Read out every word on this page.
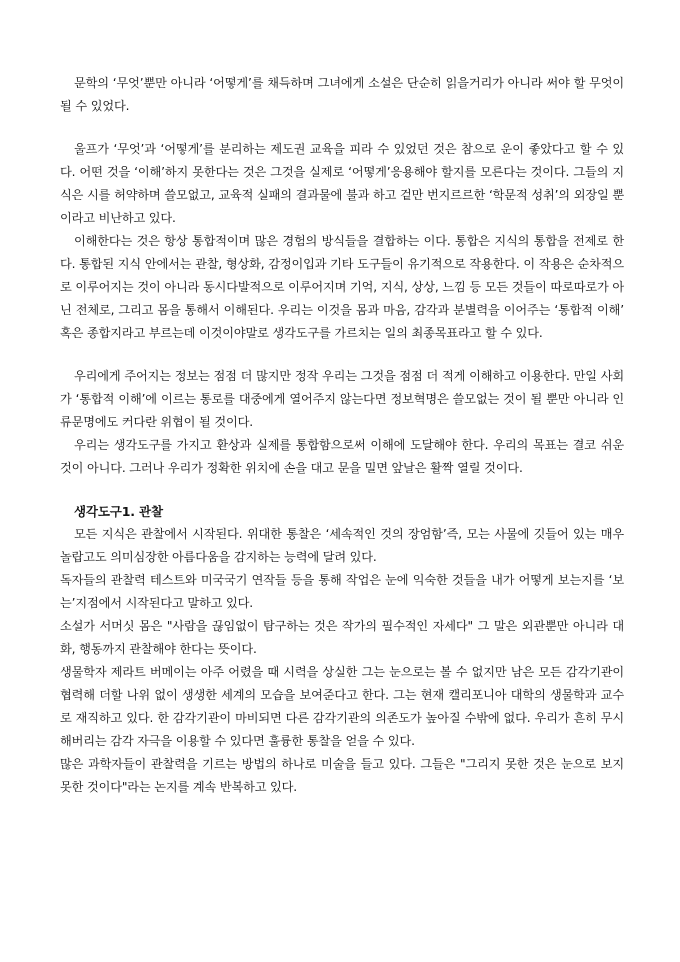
문학의 ‘무엇’뿐만 아니라 ‘어떻게’를 채득하며 그녀에게 소설은 단순히 읽을거리가 아니라 써야 할 무엇이 될 수 있었다.

울프가 ‘무엇’과 ‘어떻게’를 분리하는 제도권 교육을 피라 수 있었던 것은 참으로 운이 좋았다고 할 수 있다. 어떤 것을 ‘이해’하지 못한다는 것은 그것을 실제로 ‘어떻게’응용해야 할지를 모른다는 것이다. 그들의 지식은 시를 허약하며 쓸모없고, 교육적 실패의 결과물에 불과 하고 겉만 번지르르한 ‘학문적 성취’의 외장일 뿐이라고 비난하고 있다.

이해한다는 것은 항상 통합적이며 많은 경험의 방식들을 결합하는 이다. 통합은 지식의 통합을 전제로 한다. 통합된 지식 안에서는 관찰, 형상화, 감정이입과 기타 도구들이 유기적으로 작용한다. 이 작용은 순차적으로 이루어지는 것이 아니라 동시다발적으로 이루어지며 기억, 지식, 상상, 느낌 등 모든 것들이 따로따로가 아닌 전체로, 그리고 몸을 통해서 이해된다. 우리는 이것을 몸과 마음, 감각과 분별력을 이어주는 ‘통합적 이해’ 혹은 종합지라고 부르는데 이것이야말로 생각도구를 가르치는 일의 최종목표라고 할 수 있다.

우리에게 주어지는 정보는 점점 더 많지만 정작 우리는 그것을 점점 더 적게 이해하고 이용한다. 만일 사회가 ‘통합적 이해’에 이르는 통로를 대중에게 열어주지 않는다면 정보혁명은 쓸모없는 것이 될 뿐만 아니라 인류문명에도 커다란 위협이 될 것이다.

우리는 생각도구를 가지고 환상과 실제를 통합함으로써 이해에 도달해야 한다. 우리의 목표는 결코 쉬운 것이 아니다. 그러나 우리가 정확한 위치에 손을 대고 문을 밀면 앞날은 활짝 열릴 것이다.

생각도구1. 관찰

모든 지식은 관찰에서 시작된다. 위대한 통찰은 ‘세속적인 것의 장엄함’즉, 모는 사물에 깃들어 있는 매우 놀랍고도 의미심장한 아름다움을 감지하는 능력에 달려 있다.

독자들의 관찰력 테스트와 미국국기 연작들 등을 통해 작업은 눈에 익숙한 것들을 내가 어떻게 보는지를 ‘보는’지점에서 시작된다고 말하고 있다.

소설가 서머싯 몸은 "사람을 끊임없이 탐구하는 것은 작가의 필수적인 자세다" 그 말은 외관뿐만 아니라 대화, 행동까지 관찰해야 한다는 뜻이다.

생물학자 제라트 버메이는 아주 어렸을 때 시력을 상실한 그는 눈으로는 볼 수 없지만 남은 모든 감각기관이 협력해 더할 나위 없이 생생한 세계의 모습을 보여준다고 한다. 그는 현재 캘리포니아 대학의 생물학과 교수로 재직하고 있다. 한 감각기관이 마비되면 다른 감각기관의 의존도가 높아질 수밖에 없다. 우리가 흔히 무시해버리는 감각 자극을 이용할 수 있다면 훌륭한 통찰을 얻을 수 있다.

많은 과학자들이 관찰력을 기르는 방법의 하나로 미술을 들고 있다. 그들은 "그리지 못한 것은 눈으로 보지 못한 것이다"라는 논지를 계속 반복하고 있다.
